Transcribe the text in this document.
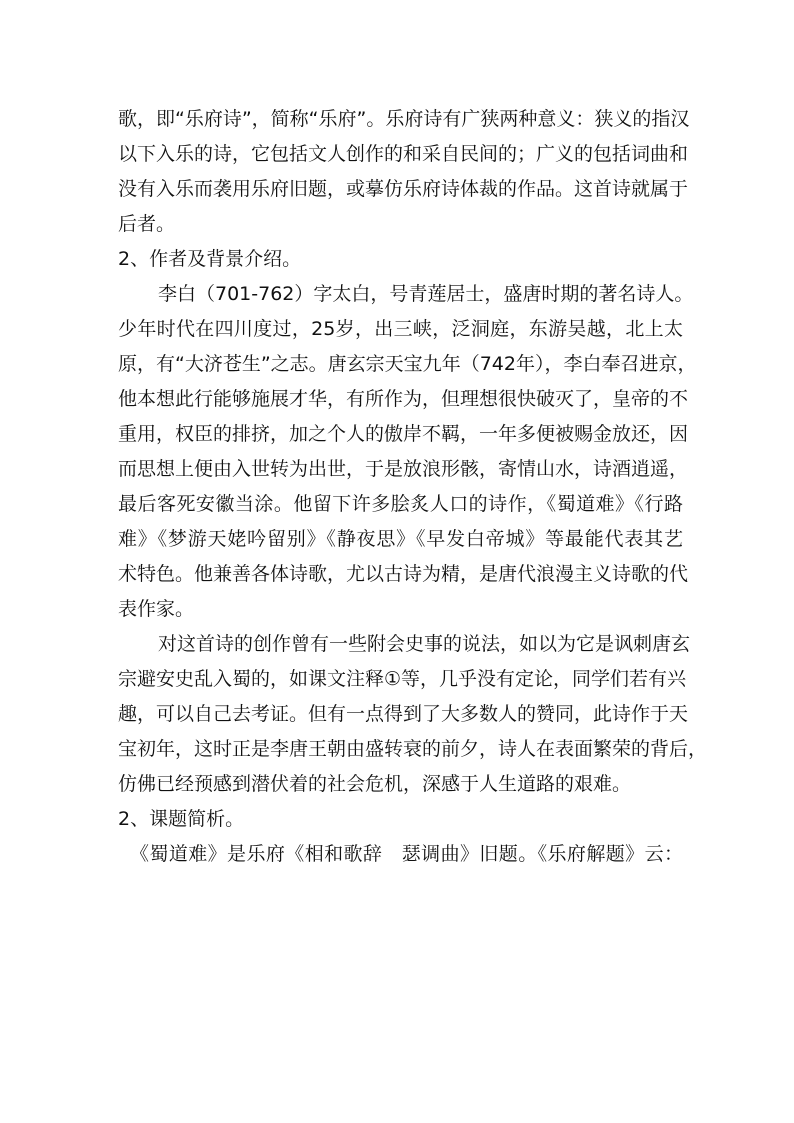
歌，即“乐府诗”，简称“乐府”。乐府诗有广狭两种意义：狭义的指汉
以下入乐的诗，它包括文人创作的和采自民间的；广义的包括词曲和
没有入乐而袭用乐府旧题，或摹仿乐府诗体裁的作品。这首诗就属于
后者。
2、作者及背景介绍。
李白（701-762）字太白，号青莲居士，盛唐时期的著名诗人。
少年时代在四川度过，25岁，出三峡，泛洞庭，东游吴越，北上太
原，有“大济苍生”之志。唐玄宗天宝九年（742年），李白奉召进京，
他本想此行能够施展才华，有所作为，但理想很快破灭了，皇帝的不
重用，权臣的排挤，加之个人的傲岸不羁，一年多便被赐金放还，因
而思想上便由入世转为出世，于是放浪形骸，寄情山水，诗酒逍遥，
最后客死安徽当涂。他留下许多脍炙人口的诗作，《蜀道难》《行路
难》《梦游天姥吟留别》《静夜思》《早发白帝城》等最能代表其艺
术特色。他兼善各体诗歌，尤以古诗为精，是唐代浪漫主义诗歌的代
表作家。
对这首诗的创作曾有一些附会史事的说法，如以为它是讽刺唐玄
宗避安史乱入蜀的，如课文注释①等，几乎没有定论，同学们若有兴
趣，可以自己去考证。但有一点得到了大多数人的赞同，此诗作于天
宝初年，这时正是李唐王朝由盛转衰的前夕，诗人在表面繁荣的背后，
仿佛已经预感到潜伏着的社会危机，深感于人生道路的艰难。
2、课题简析。
《蜀道难》是乐府《相和歌辞　瑟调曲》旧题。《乐府解题》云：
